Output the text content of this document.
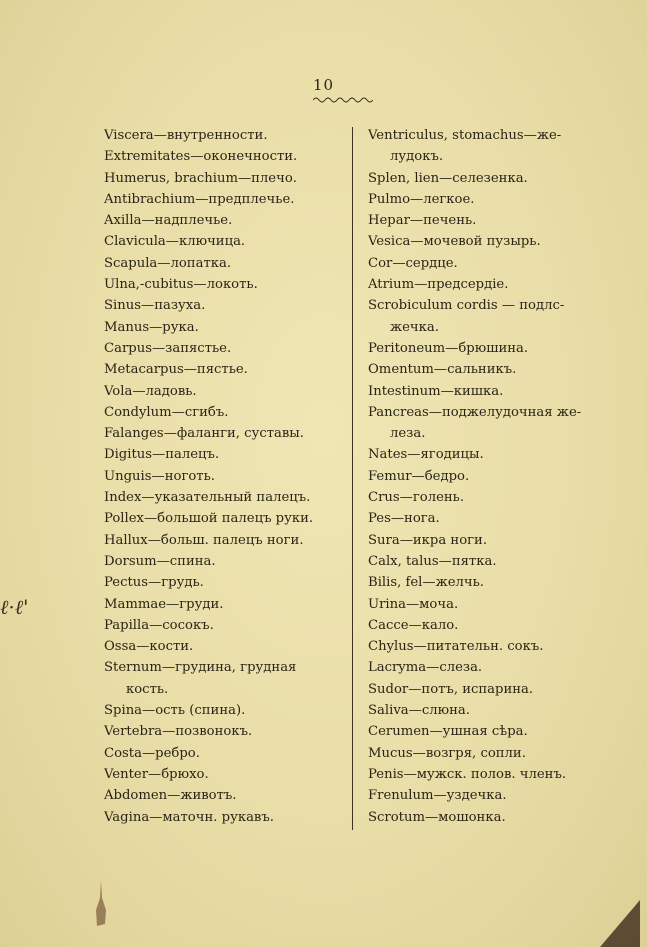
10
Viscera—внутренности.
Extremitates—оконечности.
Humerus, brachium—плечо.
Antibrachium—предплечье.
Axilla—надплечье.
Clavicula—ключица.
Scapula—лопатка.
Ulna,-cubitus—локоть.
Sinus—пазуха.
Manus—рука.
Carpus—запястье.
Metacarpus—пястье.
Vola—ладовь.
Condylum—сгибъ.
Falanges—фаланги, суставы.
Digitus—палецъ.
Unguis—ноготь.
Index—указательный палецъ.
Pollex—большой палецъ руки.
Hallux—больш. палецъ ноги.
Dorsum—спина.
Pectus—грудь.
Mammae—груди.
Papilla—сосокъ.
Ossa—кости.
Sternum—грудина, грудная
кость.
Spina—ость (спина).
Vertebra—позвонокъ.
Costa—ребро.
Venter—брюхо.
Abdomen—животъ.
Vagina—маточн. рукавъ.
Ventriculus, stomachus—же-
лудокъ.
Splen, lien—селезенка.
Pulmo—легкое.
Hepar—печень.
Vesica—мочевой пузырь.
Cor—сердце.
Atrium—предсердіе.
Scrobiculum cordis — подлс-
жечка.
Peritoneum—брюшина.
Omentum—сальникъ.
Intestinum—кишка.
Pancreas—поджелудочная же-
леза.
Nates—ягодицы.
Femur—бедро.
Crus—голень.
Pes—нога.
Sura—икра ноги.
Calx, talus—пятка.
Bilis, fel—желчь.
Urina—моча.
Cacce—кало.
Chylus—питательн. сокъ.
Lacryma—слеза.
Sudor—потъ, испарина.
Saliva—слюна.
Cerumen—ушная сѣра.
Mucus—возгря, сопли.
Penis—мужск. полов. членъ.
Frenulum—уздечка.
Scrotum—мошонка.
ℓ·ℓ'
